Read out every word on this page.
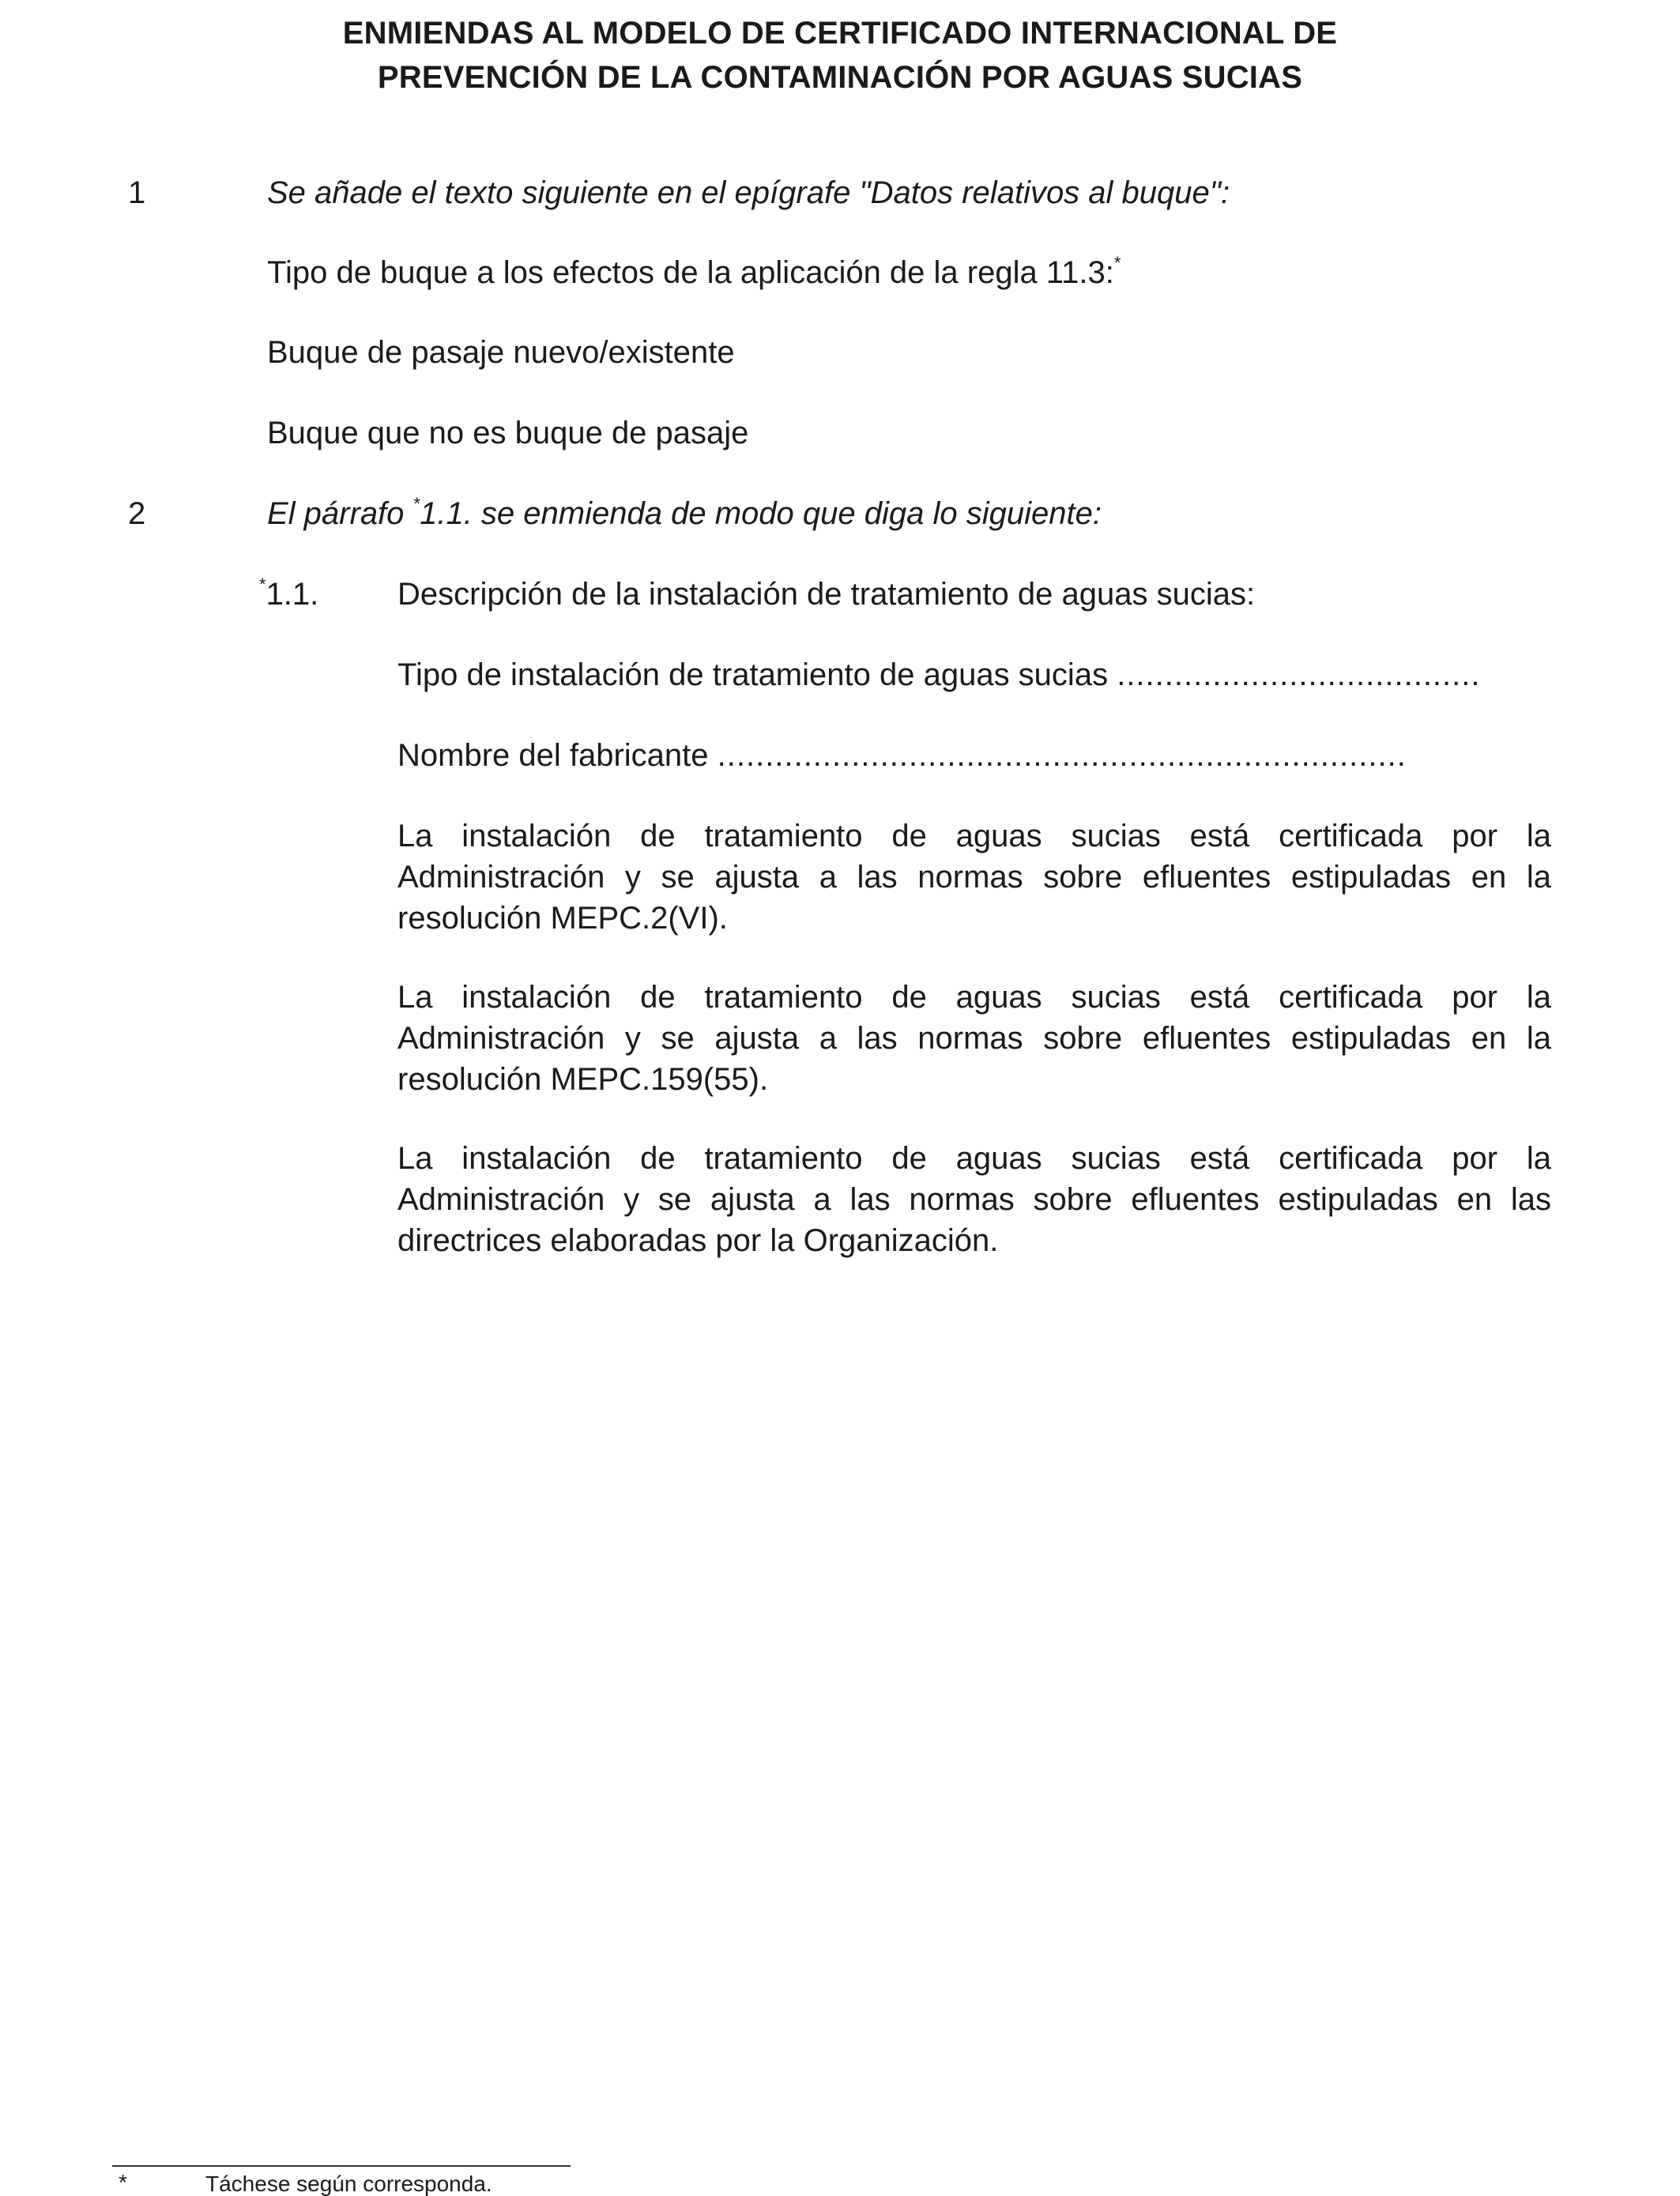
ENMIENDAS AL MODELO DE CERTIFICADO INTERNACIONAL DE
PREVENCIÓN DE LA CONTAMINACIÓN POR AGUAS SUCIAS
1	Se añade el texto siguiente en el epígrafe "Datos relativos al buque":
Tipo de buque a los efectos de la aplicación de la regla 11.3:*
Buque de pasaje nuevo/existente
Buque que no es buque de pasaje
2	El párrafo *1.1. se enmienda de modo que diga lo siguiente:
*1.1. Descripción de la instalación de tratamiento de aguas sucias:
Tipo de instalación de tratamiento de aguas sucias ......................................
Nombre del fabricante ........................................................................
La instalación de tratamiento de aguas sucias está certificada por la Administración y se ajusta a las normas sobre efluentes estipuladas en la resolución MEPC.2(VI).
La instalación de tratamiento de aguas sucias está certificada por la Administración y se ajusta a las normas sobre efluentes estipuladas en la resolución MEPC.159(55).
La instalación de tratamiento de aguas sucias está certificada por la Administración y se ajusta a las normas sobre efluentes estipuladas en las directrices elaboradas por la Organización.
*	Táchese según corresponda.
